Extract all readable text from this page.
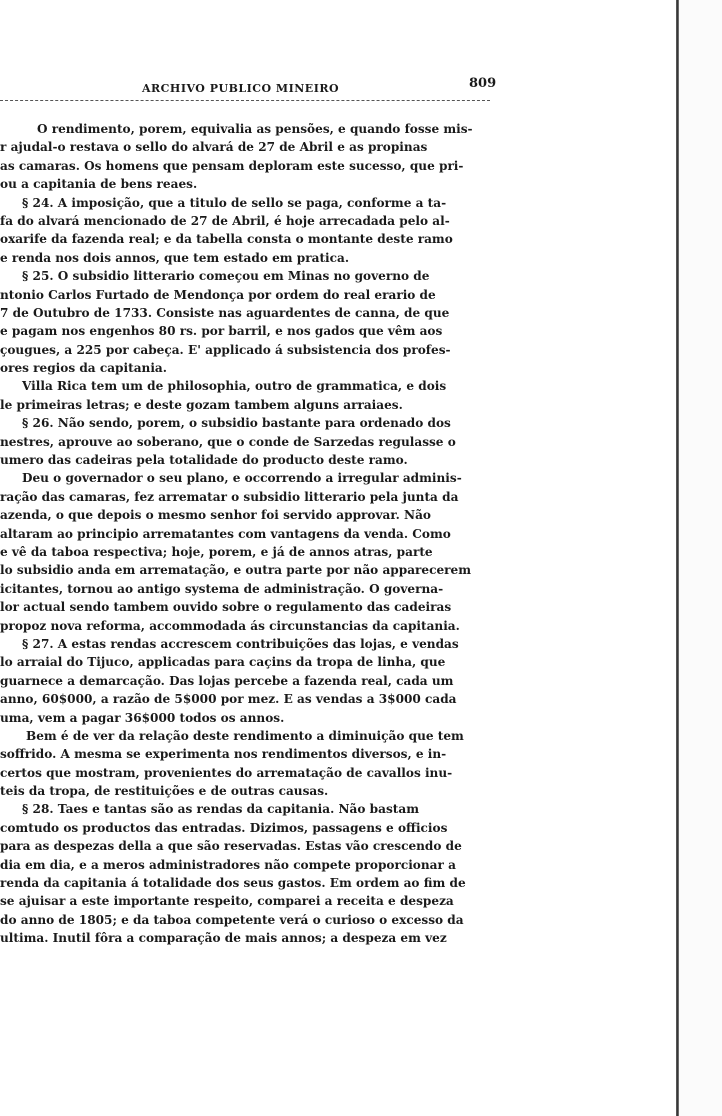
ARCHIVO PUBLICO MINEIRO	809
O rendimento, porem, equivalia as pensões, e quando fosse mis-
r ajudal-o restava o sello do alvará de 27 de Abril e as propinas
as camaras. Os homens que pensam deploram este sucesso, que pri-
ou a capitania de bens reaes.
§ 24. A imposição, que a titulo de sello se paga, conforme a ta-
fa do alvará mencionado de 27 de Abril, é hoje arrecadada pelo al-
oxarife da fazenda real; e da tabella consta o montante deste ramo
e renda nos dois annos, que tem estado em pratica.
§ 25. O subsidio litterario começou em Minas no governo de
ntonio Carlos Furtado de Mendonça por ordem do real erario de
7 de Outubro de 1733. Consiste nas aguardentes de canna, de que
e pagam nos engenhos 80 rs. por barril, e nos gados que vêm aos
çougues, a 225 por cabeça. E' applicado á subsistencia dos profes-
ores regios da capitania.
Villa Rica tem um de philosophia, outro de grammatica, e dois
le primeiras letras; e deste gozam tambem alguns arraiaes.
§ 26. Não sendo, porem, o subsidio bastante para ordenado dos
nestres, aprouve ao soberano, que o conde de Sarzedas regulasse o
umero das cadeiras pela totalidade do producto deste ramo.
Deu o governador o seu plano, e occorrendo a irregular adminis-
ração das camaras, fez arrematar o subsidio litterario pela junta da
azenda, o que depois o mesmo senhor foi servido approvar. Não
altaram ao principio arrematantes com vantagens da venda. Como
e vê da taboa respectiva; hoje, porem, e já de annos atras, parte
lo subsidio anda em arrematação, e outra parte por não apparecerem
icitantes, tornou ao antigo systema de administração. O governa-
lor actual sendo tambem ouvido sobre o regulamento das cadeiras
propoz nova reforma, accommodada ás circunstancias da capitania.
§ 27. A estas rendas accrescem contribuições das lojas, e vendas
lo arraial do Tijuco, applicadas para caçins da tropa de linha, que
guarnece a demarcação. Das lojas percebe a fazenda real, cada um
anno, 60$000, a razão de 5$000 por mez. E as vendas a 3$000 cada
uma, vem a pagar 36$000 todos os annos.
Bem é de ver da relação deste rendimento a diminuição que tem
soffrido. A mesma se experimenta nos rendimentos diversos, e in-
certos que mostram, provenientes do arrematação de cavallos inu-
teis da tropa, de restituições e de outras causas.
§ 28. Taes e tantas são as rendas da capitania. Não bastam
comtudo os productos das entradas. Dizimos, passagens e officios
para as despezas della a que são reservadas. Estas vão crescendo de
dia em dia, e a meros administradores não compete proporcionar a
renda da capitania á totalidade dos seus gastos. Em ordem ao fim de
se ajuisar a este importante respeito, comparei a receita e despeza
do anno de 1805; e da taboa competente verá o curioso o excesso da
ultima. Inutil fôra a comparação de mais annos; a despeza em vez
